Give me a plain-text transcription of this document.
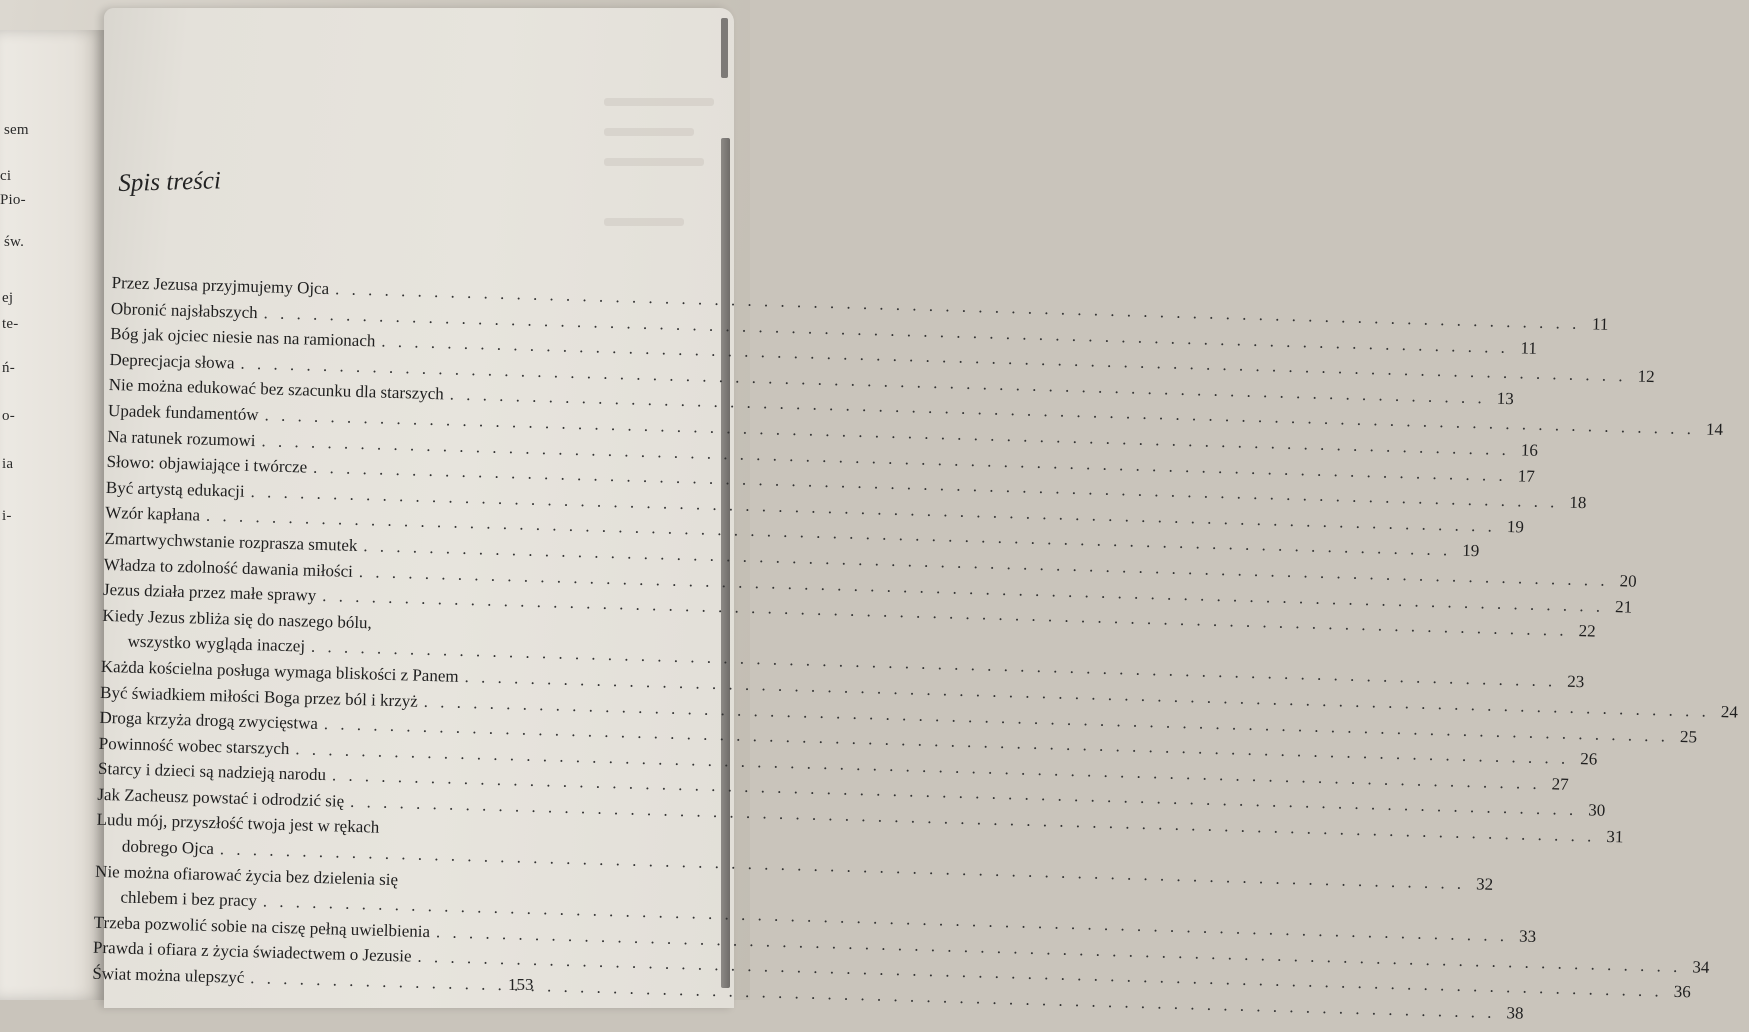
sem
ci
Pio-
św.
ej
te-
ń-
o-
ia
i-
Spis treści
Przez Jezusa przyjmujemy Ojca
. . .
11
Obronić najsłabszych
. . .
11
Bóg jak ojciec niesie nas na ramionach
. . .
12
Deprecjacja słowa
. . .
13
Nie można edukować bez szacunku dla starszych
. . .
14
Upadek fundamentów
. . .
16
Na ratunek rozumowi
. . .
17
Słowo: objawiające i twórcze
. . .
18
Być artystą edukacji
. . .
19
Wzór kapłana
. . .
19
Zmartwychwstanie rozprasza smutek
. . .
20
Władza to zdolność dawania miłości
. . .
21
Jezus działa przez małe sprawy
. . .
22
Kiedy Jezus zbliża się do naszego bólu,
wszystko wygląda inaczej
. . .
23
Każda kościelna posługa wymaga bliskości z Panem
. . .
24
Być świadkiem miłości Boga przez ból i krzyż
. . .
25
Droga krzyża drogą zwycięstwa
. . .
26
Powinność wobec starszych
. . .
27
Starcy i dzieci są nadzieją narodu
. . .
30
Jak Zacheusz powstać i odrodzić się
. . .
31
Ludu mój, przyszłość twoja jest w rękach
dobrego Ojca
. . .
32
Nie można ofiarować życia bez dzielenia się
chlebem i bez pracy
. . .
33
Trzeba pozwolić sobie na ciszę pełną uwielbienia
. . .
34
Prawda i ofiara z życia świadectwem o Jezusie
. . .
36
Świat można ulepszyć
. . .
38
153
